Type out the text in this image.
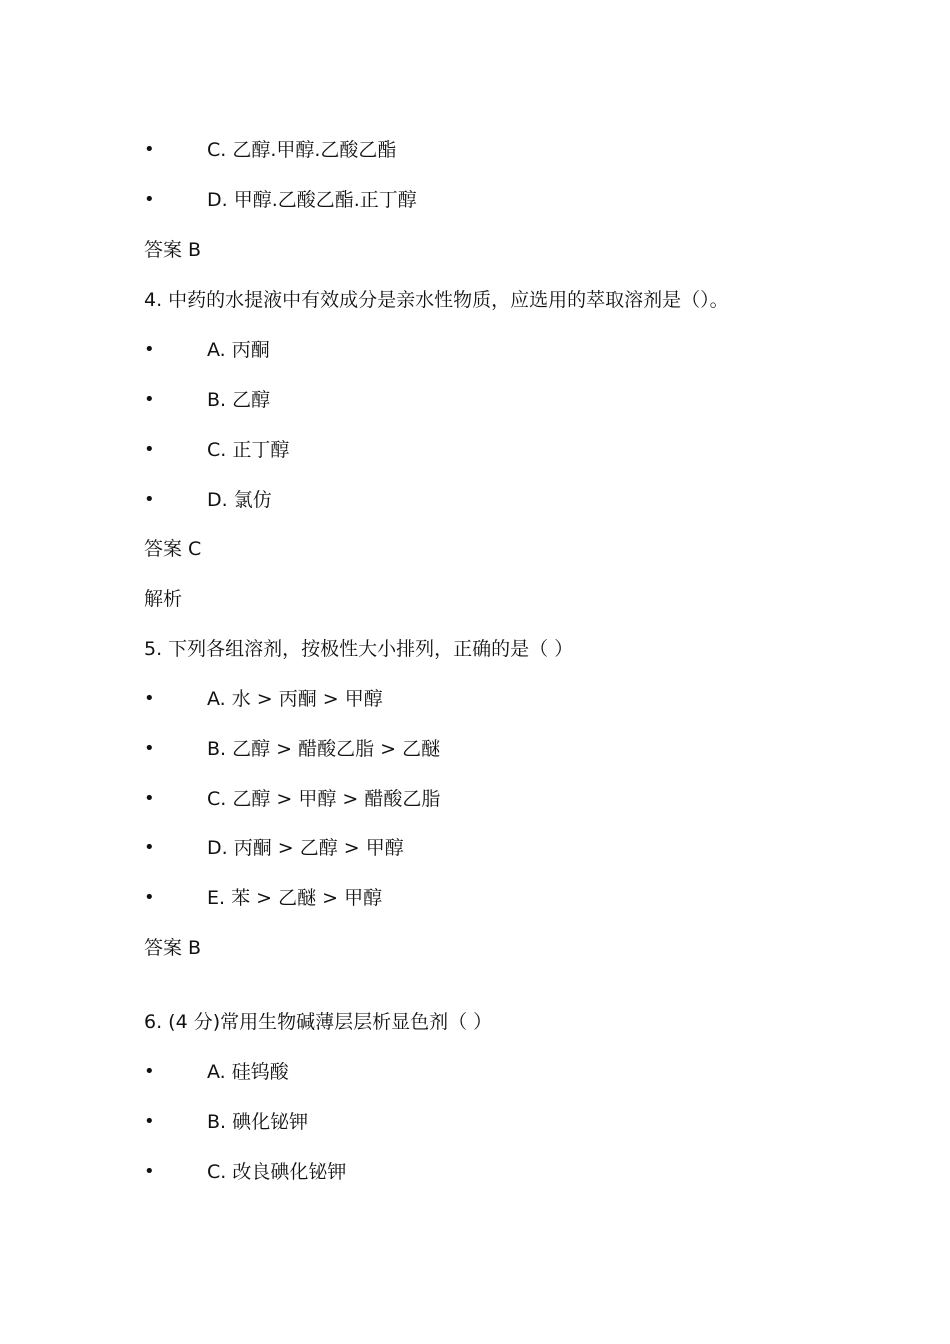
•	C. 乙醇.甲醇.乙酸乙酯
•	D. 甲醇.乙酸乙酯.正丁醇
答案 B
4. 中药的水提液中有效成分是亲水性物质，应选用的萃取溶剂是（）。
•	A. 丙酮
•	B. 乙醇
•	C. 正丁醇
•	D. 氯仿
答案 C
解析
5. 下列各组溶剂，按极性大小排列，正确的是（ ）
•	A. 水 > 丙酮 > 甲醇
•	B. 乙醇 > 醋酸乙脂 > 乙醚
•	C. 乙醇 > 甲醇 > 醋酸乙脂
•	D. 丙酮 > 乙醇 > 甲醇
•	E. 苯 > 乙醚 > 甲醇
答案 B
6. (4 分)常用生物碱薄层层析显色剂（ ）
•	A. 硅钨酸
•	B. 碘化铋钾
•	C. 改良碘化铋钾
